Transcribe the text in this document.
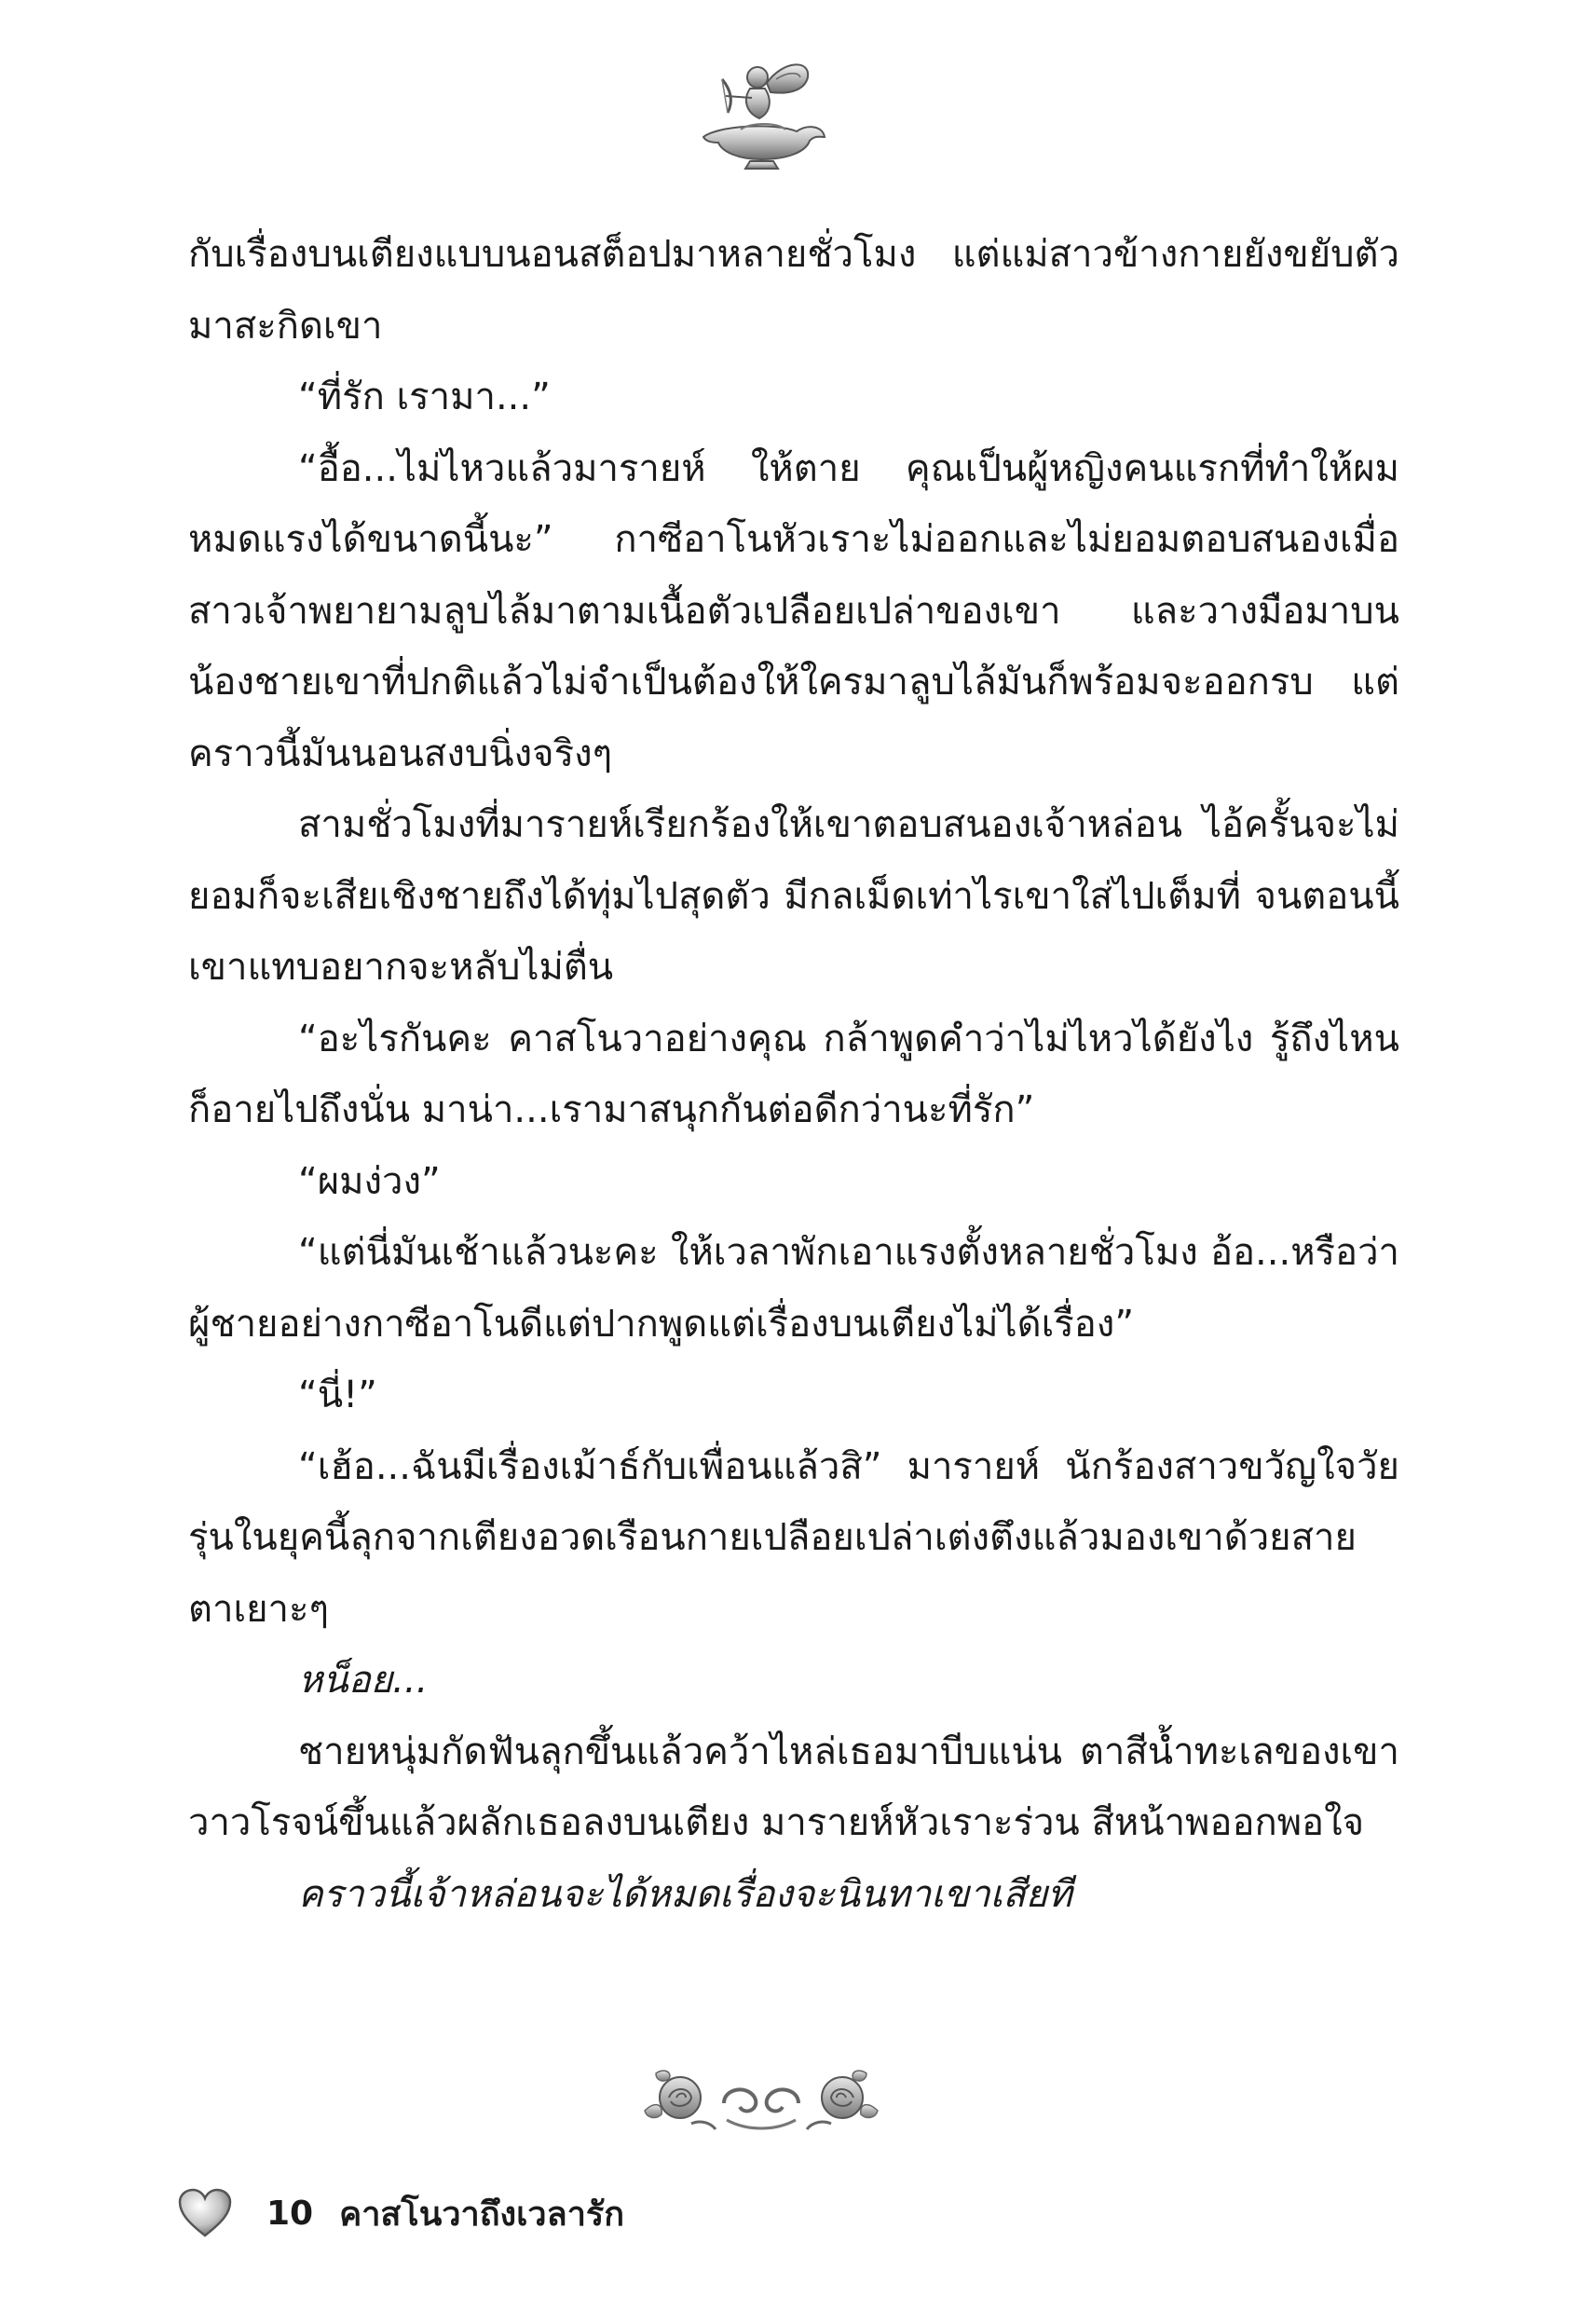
กับเรื่องบนเตียงแบบนอนสต็อปมาหลายชั่วโมง แต่แม่สาวข้างกายยังขยับตัวมาสะกิดเขา

“ที่รัก เรามา...”

“อื้อ...ไม่ไหวแล้วมารายห์ ให้ตาย คุณเป็นผู้หญิงคนแรกที่ทำให้ผมหมดแรงได้ขนาดนี้นะ” กาซีอาโนหัวเราะไม่ออกและไม่ยอมตอบสนองเมื่อสาวเจ้าพยายามลูบไล้มาตามเนื้อตัวเปลือยเปล่าของเขา และวางมือมาบนน้องชายเขาที่ปกติแล้วไม่จำเป็นต้องให้ใครมาลูบไล้มันก็พร้อมจะออกรบ แต่คราวนี้มันนอนสงบนิ่งจริงๆ

สามชั่วโมงที่มารายห์เรียกร้องให้เขาตอบสนองเจ้าหล่อน ไอ้ครั้นจะไม่ยอมก็จะเสียเชิงชายถึงได้ทุ่มไปสุดตัว มีกลเม็ดเท่าไรเขาใส่ไปเต็มที่ จนตอนนี้เขาแทบอยากจะหลับไม่ตื่น

“อะไรกันคะ คาสโนวาอย่างคุณ กล้าพูดคำว่าไม่ไหวได้ยังไง รู้ถึงไหนก็อายไปถึงนั่น มาน่า...เรามาสนุกกันต่อดีกว่านะที่รัก”

“ผมง่วง”

“แต่นี่มันเช้าแล้วนะคะ ให้เวลาพักเอาแรงตั้งหลายชั่วโมง อ้อ...หรือว่าผู้ชายอย่างกาซีอาโนดีแต่ปากพูดแต่เรื่องบนเตียงไม่ได้เรื่อง”

“นี่!”

“เฮ้อ...ฉันมีเรื่องเม้าธ์กับเพื่อนแล้วสิ” มารายห์ นักร้องสาวขวัญใจวัยรุ่นในยุคนี้ลุกจากเตียงอวดเรือนกายเปลือยเปล่าเต่งตึงแล้วมองเขาด้วยสายตาเยาะๆ

หน็อย...

ชายหนุ่มกัดฟันลุกขึ้นแล้วคว้าไหล่เธอมาบีบแน่น ตาสีน้ำทะเลของเขาวาวโรจน์ขึ้นแล้วผลักเธอลงบนเตียง มารายห์หัวเราะร่วน สีหน้าพออกพอใจ

คราวนี้เจ้าหล่อนจะได้หมดเรื่องจะนินทาเขาเสียที

10 คาสโนวาถึงเวลารัก
